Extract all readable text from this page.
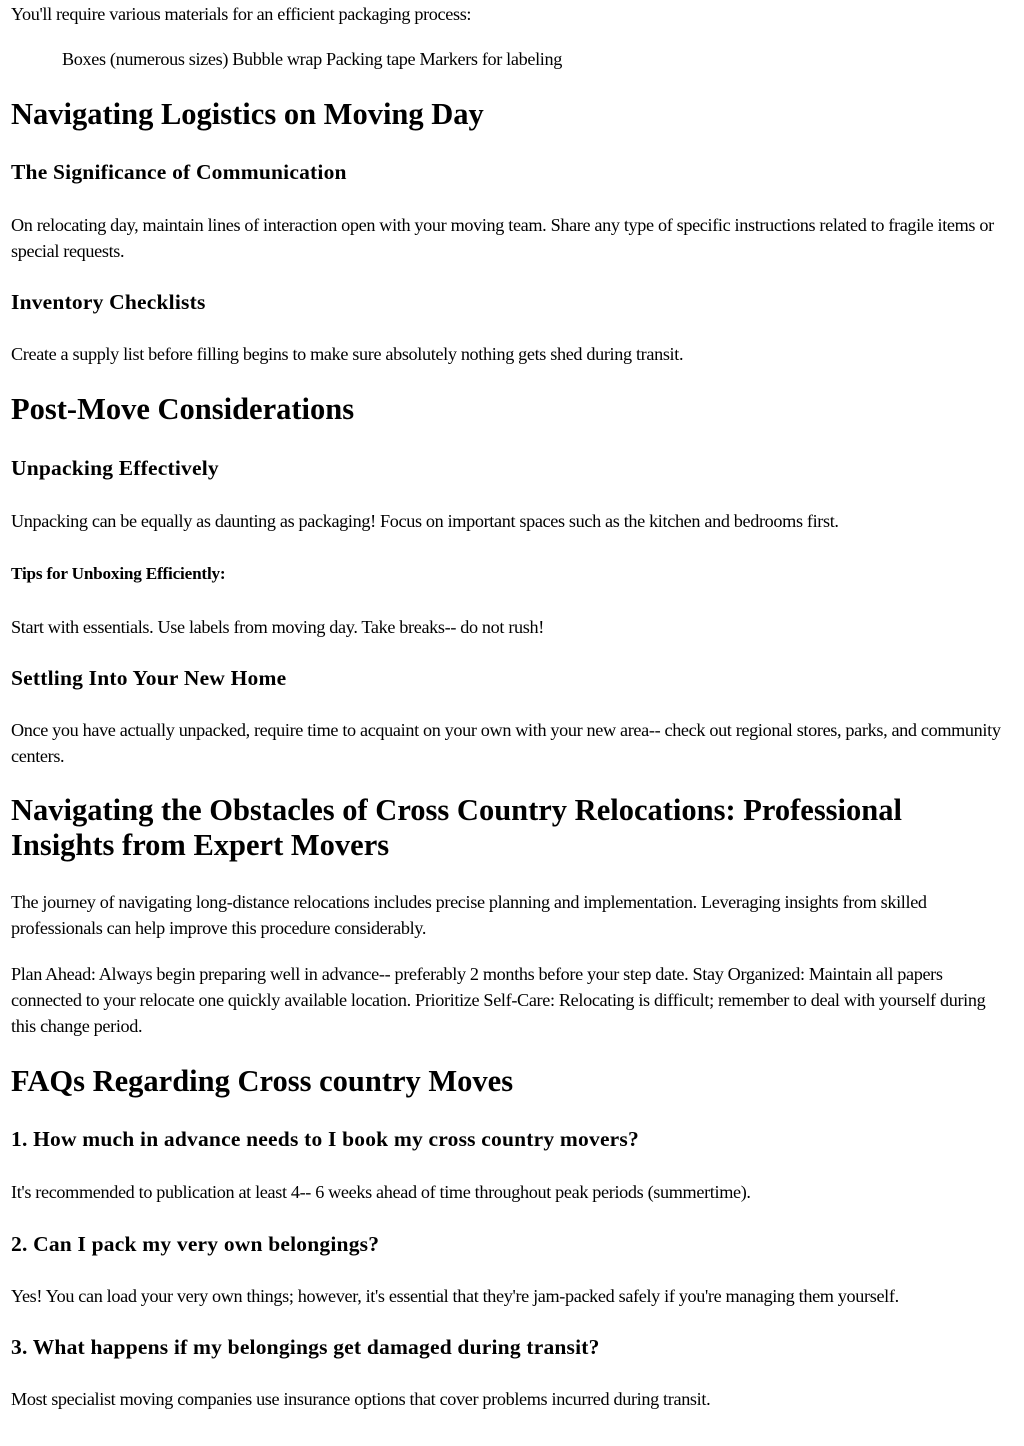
You'll require various materials for an efficient packaging process:

Boxes (numerous sizes) Bubble wrap Packing tape Markers for labeling

Navigating Logistics on Moving Day
The Significance of Communication

On relocating day, maintain lines of interaction open with your moving team. Share any type of specific instructions related to fragile items or special requests.

Inventory Checklists

Create a supply list before filling begins to make sure absolutely nothing gets shed during transit.

Post-Move Considerations
Unpacking Effectively

Unpacking can be equally as daunting as packaging! Focus on important spaces such as the kitchen and bedrooms first.

Tips for Unboxing Efficiently:

Start with essentials. Use labels from moving day. Take breaks-- do not rush!

Settling Into Your New Home

Once you have actually unpacked, require time to acquaint on your own with your new area-- check out regional stores, parks, and community centers.

Navigating the Obstacles of Cross Country Relocations: Professional Insights from Expert Movers

The journey of navigating long-distance relocations includes precise planning and implementation. Leveraging insights from skilled professionals can help improve this procedure considerably.

Plan Ahead: Always begin preparing well in advance-- preferably 2 months before your step date. Stay Organized: Maintain all papers connected to your relocate one quickly available location. Prioritize Self-Care: Relocating is difficult; remember to deal with yourself during this change period.

FAQs Regarding Cross country Moves
1. How much in advance needs to I book my cross country movers?

It's recommended to publication at least 4-- 6 weeks ahead of time throughout peak periods (summertime).

2. Can I pack my very own belongings?

Yes! You can load your very own things; however, it's essential that they're jam-packed safely if you're managing them yourself.

3. What happens if my belongings get damaged during transit?

Most specialist moving companies use insurance options that cover problems incurred during transit.
